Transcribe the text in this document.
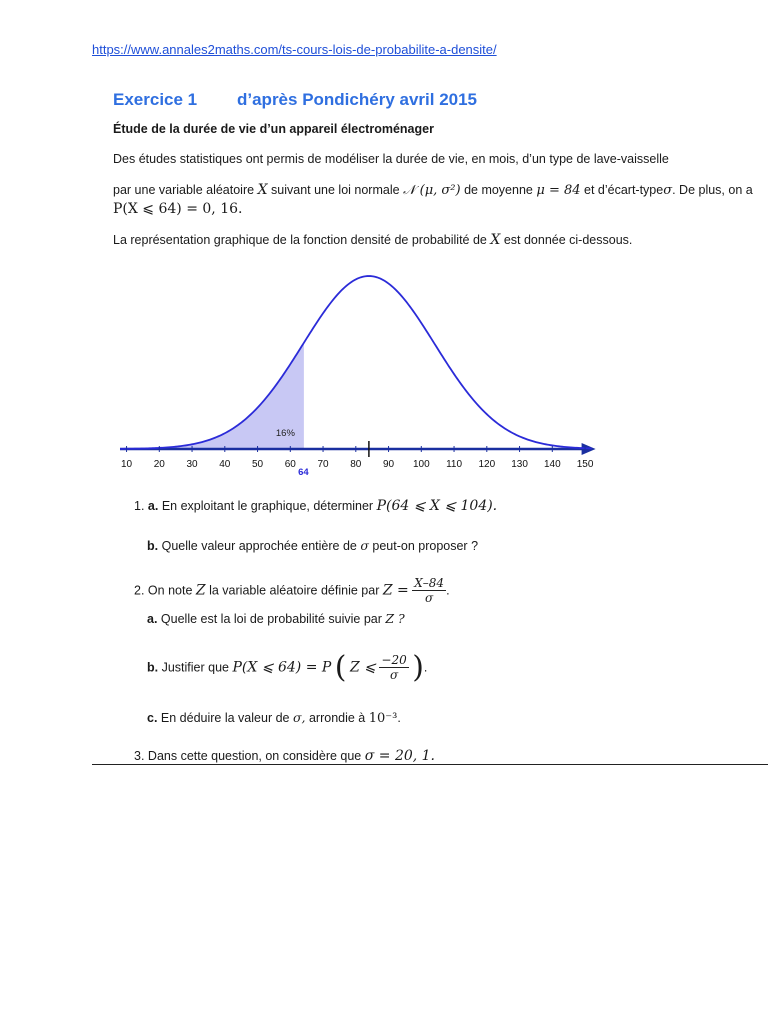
https://www.annales2maths.com/ts-cours-lois-de-probabilite-a-densite/
Exercice 1 d’après Pondichéry avril 2015
Étude de la durée de vie d’un appareil électroménager
Des études statistiques ont permis de modéliser la durée de vie, en mois, d’un type de lave-vaisselle
par une variable aléatoire X suivant une loi normale 𝒩 (μ, σ²) de moyenne μ = 84 et d’écart-typeσ. De plus, on a
P(X ⩽ 64) = 0, 16.
La représentation graphique de la fonction densité de probabilité de X est donnée ci-dessous.
10 20 30 40 50 60 70 80 90 100 110 120 130 140 150
64
16%
1. a. En exploitant le graphique, déterminer P(64 ⩽ X ⩽ 104).
b. Quelle valeur approchée entière de σ peut-on proposer ?
2. On note Z la variable aléatoire définie par $Z = \frac{X-84}{\sigma}$ .
a. Quelle est la loi de probabilité suivie par Z ?
b. Justifier que P(X ⩽ 64) = P ( Z ⩽ $\frac{-20}{\sigma}$ ).
c. En déduire la valeur de σ, arrondie à 10⁻³.
3. Dans cette question, on considère que σ = 20, 1.
